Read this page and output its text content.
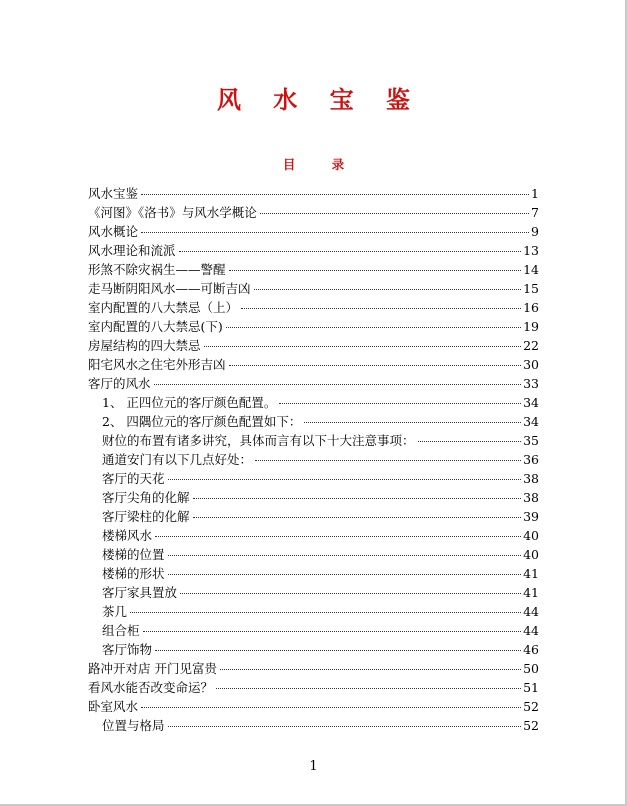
风 水 宝 鉴
目 录
风水宝鉴	1
《河图》《洛书》与风水学概论	7
风水概论	9
风水理论和流派	13
形煞不除灾祸生——警醒	14
走马断阴阳风水——可断吉凶	15
室内配置的八大禁忌（上）	16
室内配置的八大禁忌(下)	19
房屋结构的四大禁忌	22
阳宅风水之住宅外形吉凶	30
客厅的风水	33
1、 正四位元的客厅颜色配置。	34
2、 四隅位元的客厅颜色配置如下：	34
财位的布置有诸多讲究，具体而言有以下十大注意事项：	35
通道安门有以下几点好处：	36
客厅的天花	38
客厅尖角的化解	38
客厅梁柱的化解	39
楼梯风水	40
楼梯的位置	40
楼梯的形状	41
客厅家具置放	41
茶几	44
组合柜	44
客厅饰物	46
路冲开对店 开门见富贵	50
看风水能否改变命运？	51
卧室风水	52
位置与格局	52
1
